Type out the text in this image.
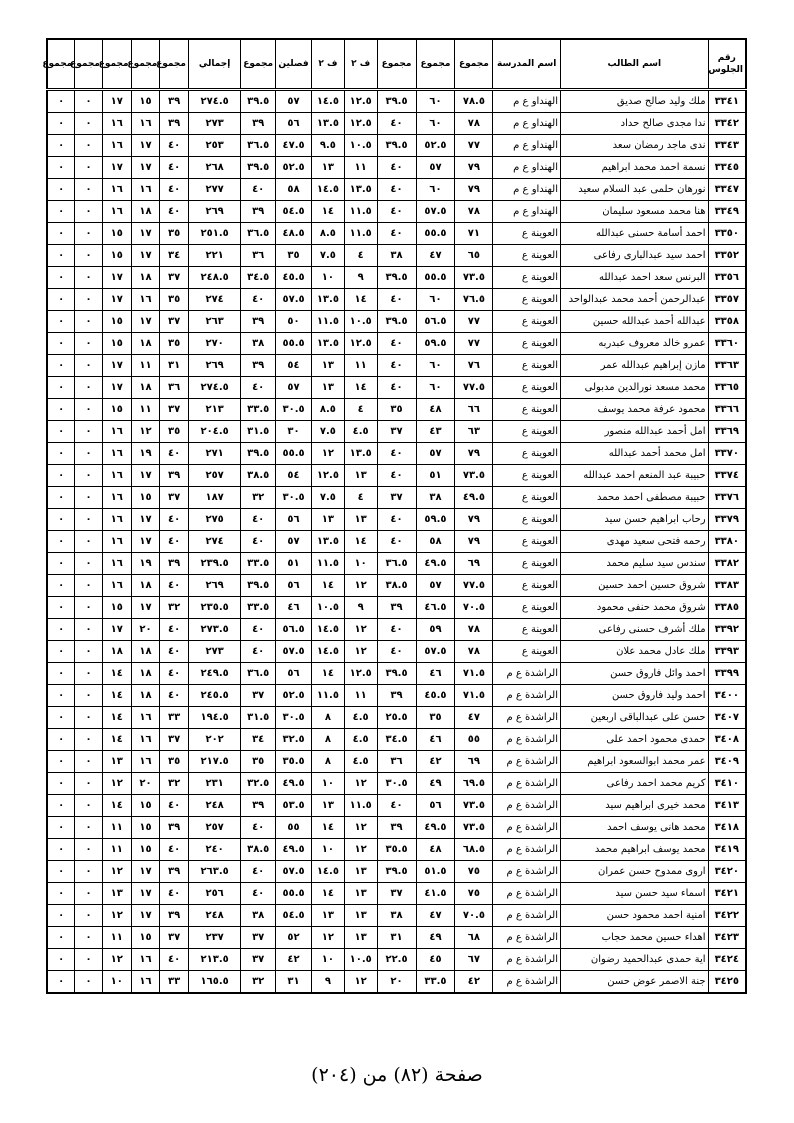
رقم الجلوس	اسم الطالب	اسم المدرسة	مجموع	مجموع	مجموع	ف ٢	ف ٢	فصلين	مجموع	إجمالي	مجموع	مجموع	مجموع	مجموع	مجموع
٣٣٤١	ملك وليد صالح صديق	الهنداو ع م	٧٨.٥	٦٠	٣٩.٥	١٢.٥	١٤.٥	٥٧	٣٩.٥	٢٧٤.٥	٣٩	١٥	١٧	٠	٠
٣٣٤٢	ندا مجدى صالح حداد	الهنداو ع م	٧٨	٦٠	٤٠	١٢.٥	١٣.٥	٥٦	٣٩	٢٧٣	٣٩	١٦	١٦	٠	٠
٣٣٤٣	ندى ماجد رمضان سعد	الهنداو ع م	٧٧	٥٢.٥	٣٩.٥	١٠.٥	٩.٥	٤٧.٥	٣٦.٥	٢٥٣	٤٠	١٧	١٦	٠	٠
٣٣٤٥	نسمة احمد محمد ابراهيم	الهنداو ع م	٧٩	٥٧	٤٠	١١	١٣	٥٢.٥	٣٩.٥	٢٦٨	٤٠	١٧	١٧	٠	٠
٣٣٤٧	نورهان حلمى عبد السلام سعيد	الهنداو ع م	٧٩	٦٠	٤٠	١٣.٥	١٤.٥	٥٨	٤٠	٢٧٧	٤٠	١٦	١٦	٠	٠
٣٣٤٩	هنا محمد مسعود سليمان	الهنداو ع م	٧٨	٥٧.٥	٤٠	١١.٥	١٤	٥٤.٥	٣٩	٢٦٩	٤٠	١٨	١٦	٠	٠
٣٣٥٠	احمد أسامة حسنى عبدالله	العوينة ع	٧١	٥٥.٥	٤٠	١١.٥	٨.٥	٤٨.٥	٣٦.٥	٢٥١.٥	٣٥	١٧	١٥	٠	٠
٣٣٥٢	احمد سيد عبدالبارى رفاعى	العوينة ع	٦٥	٤٧	٣٨	٤	٧.٥	٣٥	٣٦	٢٢١	٣٤	١٧	١٥	٠	٠
٣٣٥٦	البرنس سعد احمد عبدالله	العوينة ع	٧٣.٥	٥٥.٥	٣٩.٥	٩	١٠	٤٥.٥	٣٤.٥	٢٤٨.٥	٣٧	١٨	١٧	٠	٠
٣٣٥٧	عبدالرحمن أحمد محمد عبدالواحد	العوينة ع	٧٦.٥	٦٠	٤٠	١٤	١٣.٥	٥٧.٥	٤٠	٢٧٤	٣٥	١٦	١٧	٠	٠
٣٣٥٨	عبدالله أحمد عبدالله حسين	العوينة ع	٧٧	٥٦.٥	٣٩.٥	١٠.٥	١١.٥	٥٠	٣٩	٢٦٣	٣٧	١٧	١٥	٠	٠
٣٣٦٠	عمرو خالد معروف عبدربه	العوينة ع	٧٧	٥٩.٥	٤٠	١٢.٥	١٣.٥	٥٥.٥	٣٨	٢٧٠	٣٥	١٨	١٥	٠	٠
٣٣٦٣	مازن إبراهيم عبدالله عمر	العوينة ع	٧٦	٦٠	٤٠	١١	١٣	٥٤	٣٩	٢٦٩	٣١	١١	١٧	٠	٠
٣٣٦٥	محمد مسعد نورالدين مدبولى	العوينة ع	٧٧.٥	٦٠	٤٠	١٤	١٣	٥٧	٤٠	٢٧٤.٥	٣٦	١٨	١٧	٠	٠
٣٣٦٦	محمود عرفة محمد يوسف	العوينة ع	٦٦	٤٨	٣٥	٤	٨.٥	٣٠.٥	٣٣.٥	٢١٣	٣٧	١١	١٥	٠	٠
٣٣٦٩	امل أحمد عبدالله منصور	العوينة ع	٦٣	٤٣	٣٧	٤.٥	٧.٥	٣٠	٣١.٥	٢٠٤.٥	٣٥	١٢	١٦	٠	٠
٣٣٧٠	امل محمد أحمد عبدالله	العوينة ع	٧٩	٥٧	٤٠	١٣.٥	١٢	٥٥.٥	٣٩.٥	٢٧١	٤٠	١٩	١٦	٠	٠
٣٣٧٤	حبيبة عبد المنعم احمد عبدالله	العوينة ع	٧٣.٥	٥١	٤٠	١٣	١٢.٥	٥٤	٣٨.٥	٢٥٧	٣٩	١٧	١٦	٠	٠
٣٣٧٦	حبيبة مصطفى احمد محمد	العوينة ع	٤٩.٥	٣٨	٣٧	٤	٧.٥	٣٠.٥	٣٢	١٨٧	٣٧	١٥	١٦	٠	٠
٣٣٧٩	رحاب ابراهيم حسن سيد	العوينة ع	٧٩	٥٩.٥	٤٠	١٣	١٣	٥٦	٤٠	٢٧٥	٤٠	١٧	١٦	٠	٠
٣٣٨٠	رحمه فتحى سعيد مهدى	العوينة ع	٧٩	٥٨	٤٠	١٤	١٣.٥	٥٧	٤٠	٢٧٤	٤٠	١٧	١٦	٠	٠
٣٣٨٢	سندس سيد سليم محمد	العوينة ع	٦٩	٤٩.٥	٣٦.٥	١٠	١١.٥	٥١	٣٣.٥	٢٣٩.٥	٣٩	١٩	١٦	٠	٠
٣٣٨٣	شروق حسين احمد حسين	العوينة ع	٧٧.٥	٥٧	٣٨.٥	١٢	١٤	٥٦	٣٩.٥	٢٦٩	٤٠	١٨	١٦	٠	٠
٣٣٨٥	شروق محمد حنفى محمود	العوينة ع	٧٠.٥	٤٦.٥	٣٩	٩	١٠.٥	٤٦	٣٣.٥	٢٣٥.٥	٣٢	١٧	١٥	٠	٠
٣٣٩٢	ملك أشرف حسنى رفاعى	العوينة ع	٧٨	٥٩	٤٠	١٢	١٤.٥	٥٦.٥	٤٠	٢٧٣.٥	٤٠	٢٠	١٧	٠	٠
٣٣٩٣	ملك عادل محمد علان	العوينة ع	٧٨	٥٧.٥	٤٠	١٢	١٤.٥	٥٧.٥	٤٠	٢٧٣	٤٠	١٨	١٨	٠	٠
٣٣٩٩	احمد وائل فاروق حسن	الراشدة ع م	٧١.٥	٤٦	٣٩.٥	١٢.٥	١٤	٥٦	٣٦.٥	٢٤٩.٥	٤٠	١٨	١٤	٠	٠
٣٤٠٠	احمد وليد فاروق حسن	الراشدة ع م	٧١.٥	٤٥.٥	٣٩	١١	١١.٥	٥٢.٥	٣٧	٢٤٥.٥	٤٠	١٨	١٤	٠	٠
٣٤٠٧	حسن على عبدالباقى اربعين	الراشدة ع م	٤٧	٣٥	٢٥.٥	٤.٥	٨	٣٠.٥	٣١.٥	١٩٤.٥	٣٣	١٦	١٤	٠	٠
٣٤٠٨	حمدى محمود احمد على	الراشدة ع م	٥٥	٤٦	٣٤.٥	٤.٥	٨	٣٢.٥	٣٤	٢٠٢	٣٧	١٦	١٤	٠	٠
٣٤٠٩	عمر محمد ابوالسعود ابراهيم	الراشدة ع م	٦٩	٤٢	٣٦	٤.٥	٨	٣٥.٥	٣٥	٢١٧.٥	٣٥	١٦	١٣	٠	٠
٣٤١٠	كريم محمد احمد رفاعى	الراشدة ع م	٦٩.٥	٤٩	٣٠.٥	١٢	١٠	٤٩.٥	٣٢.٥	٢٣١	٣٢	٢٠	١٢	٠	٠
٣٤١٣	محمد خيرى ابراهيم سيد	الراشدة ع م	٧٣.٥	٥٦	٤٠	١١.٥	١٣	٥٣.٥	٣٩	٢٤٨	٤٠	١٥	١٤	٠	٠
٣٤١٨	محمد هانى يوسف احمد	الراشدة ع م	٧٣.٥	٤٩.٥	٣٩	١٢	١٤	٥٥	٤٠	٢٥٧	٣٩	١٥	١١	٠	٠
٣٤١٩	محمد يوسف ابراهيم محمد	الراشدة ع م	٦٨.٥	٤٨	٣٥.٥	١٢	١٠	٤٩.٥	٣٨.٥	٢٤٠	٤٠	١٥	١١	٠	٠
٣٤٢٠	اروى ممدوح حسن عمران	الراشدة ع م	٧٥	٥١.٥	٣٩.٥	١٣	١٤.٥	٥٧.٥	٤٠	٢٦٣.٥	٣٩	١٧	١٢	٠	٠
٣٤٢١	اسماء سيد حسن سيد	الراشدة ع م	٧٥	٤١.٥	٣٧	١٣	١٤	٥٥.٥	٤٠	٢٥٦	٤٠	١٧	١٣	٠	٠
٣٤٢٢	امنية احمد محمود حسن	الراشدة ع م	٧٠.٥	٤٧	٣٨	١٣	١٣	٥٤.٥	٣٨	٢٤٨	٣٩	١٧	١٢	٠	٠
٣٤٢٣	اهداء حسين محمد حجاب	الراشدة ع م	٦٨	٤٩	٣١	١٣	١٢	٥٢	٣٧	٢٣٧	٣٧	١٥	١١	٠	٠
٣٤٢٤	اية حمدى عبدالحميد رضوان	الراشدة ع م	٦٧	٤٥	٢٢.٥	١٠.٥	١٠	٤٢	٣٧	٢١٣.٥	٤٠	١٦	١٢	٠	٠
٣٤٢٥	جنة الاصمر عوض حسن	الراشدة ع م	٤٢	٣٣.٥	٢٠	١٢	٩	٣١	٣٢	١٦٥.٥	٣٣	١٦	١٠	٠	٠
صفحة (٨٢) من (٢٠٤)
